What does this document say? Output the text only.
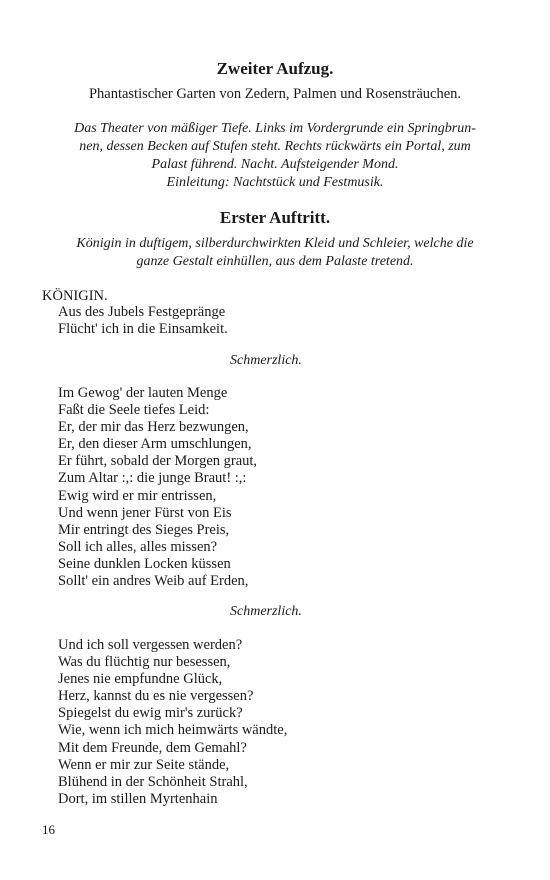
Zweiter Aufzug.
Phantastischer Garten von Zedern, Palmen und Rosensträuchen.
Das Theater von mäßiger Tiefe. Links im Vordergrunde ein Springbrun-
nen, dessen Becken auf Stufen steht. Rechts rückwärts ein Portal, zum
Palast führend. Nacht. Aufsteigender Mond.
Einleitung: Nachtstück und Festmusik.
Erster Auftritt.
Königin in duftigem, silberdurchwirkten Kleid und Schleier, welche die
ganze Gestalt einhüllen, aus dem Palaste tretend.
KÖNIGIN.
Aus des Jubels Festgepränge
Flücht' ich in die Einsamkeit.
Schmerzlich.
Im Gewog' der lauten Menge
Faßt die Seele tiefes Leid:
Er, der mir das Herz bezwungen,
Er, den dieser Arm umschlungen,
Er führt, sobald der Morgen graut,
Zum Altar :,: die junge Braut! :,:
Ewig wird er mir entrissen,
Und wenn jener Fürst von Eis
Mir entringt des Sieges Preis,
Soll ich alles, alles missen?
Seine dunklen Locken küssen
Sollt' ein andres Weib auf Erden,
Schmerzlich.
Und ich soll vergessen werden?
Was du flüchtig nur besessen,
Jenes nie empfundne Glück,
Herz, kannst du es nie vergessen?
Spiegelst du ewig mir's zurück?
Wie, wenn ich mich heimwärts wändte,
Mit dem Freunde, dem Gemahl?
Wenn er mir zur Seite stände,
Blühend in der Schönheit Strahl,
Dort, im stillen Myrtenhain
16
